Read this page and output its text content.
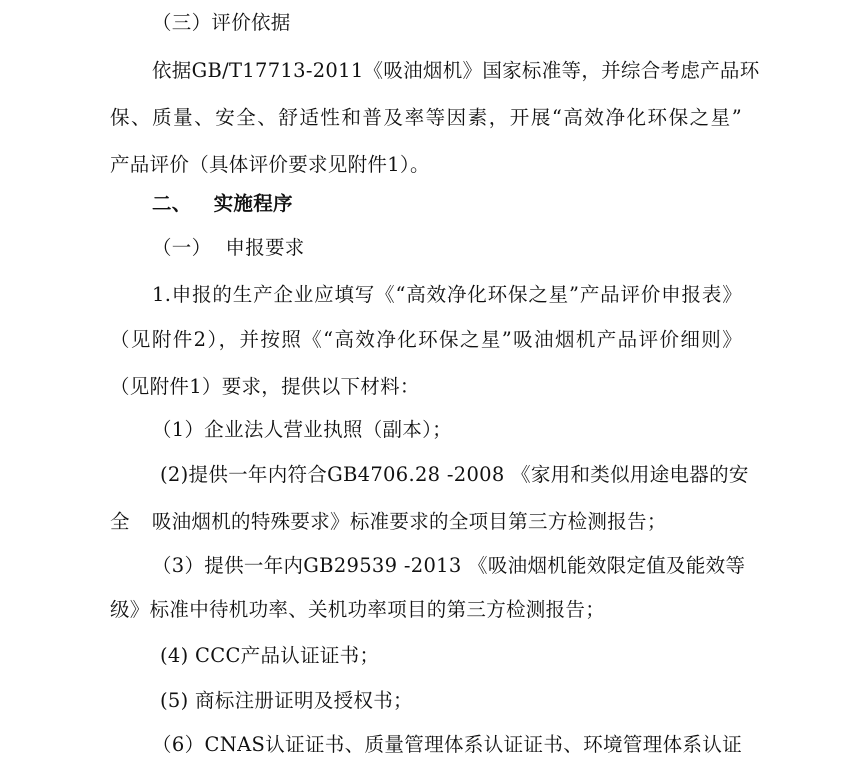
（三）评价依据
依据GB/T17713-2011《吸油烟机》国家标准等，并综合考虑产品环
保、质量、安全、舒适性和普及率等因素，开展“高效净化环保之星”
产品评价（具体评价要求见附件1）。
二、 实施程序
（一） 申报要求
1.申报的生产企业应填写《“高效净化环保之星”产品评价申报表》
（见附件2），并按照《“高效净化环保之星”吸油烟机产品评价细则》
（见附件1）要求，提供以下材料：
（1）企业法人营业执照（副本）；
(2)提供一年内符合GB4706.28 -2008 《家用和类似用途电器的安
全 吸油烟机的特殊要求》标准要求的全项目第三方检测报告；
（3）提供一年内GB29539 -2013 《吸油烟机能效限定值及能效等
级》标准中待机功率、关机功率项目的第三方检测报告；
(4) CCC产品认证证书；
(5) 商标注册证明及授权书；
（6）CNAS认证证书、质量管理体系认证证书、环境管理体系认证
